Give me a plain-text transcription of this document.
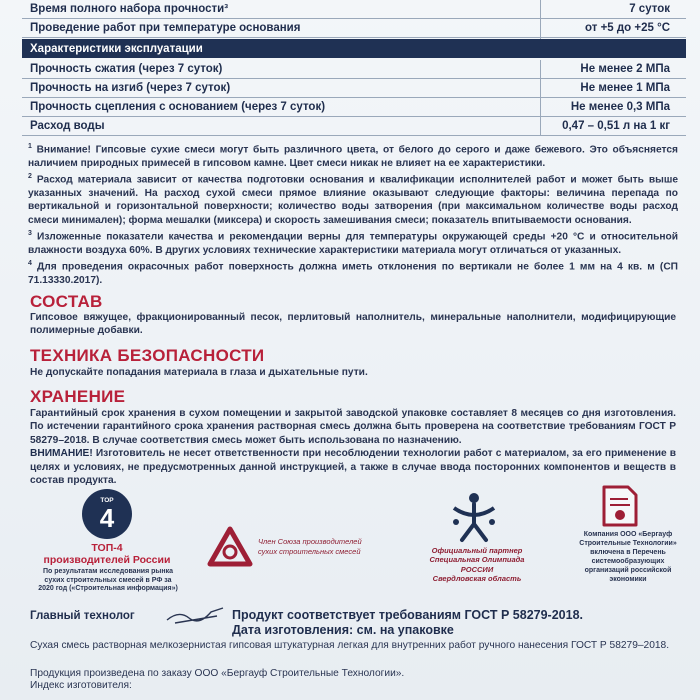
Время полного набора прочности³	7 суток
Проведение работ при температуре основания	от +5 до +25 °С
Характеристики эксплуатации
Прочность сжатия (через 7 суток)	Не менее 2 МПа
Прочность на изгиб (через 7 суток)	Не менее 1 МПа
Прочность сцепления с основанием (через 7 суток)	Не менее 0,3 МПа
Расход воды	0,47 – 0,51 л на 1 кг

$^1$ Внимание! Гипсовые сухие смеси могут быть различного цвета, от белого до серого и даже бежевого. Это объясняется наличием природных примесей в гипсовом камне. Цвет смеси никак не влияет на ее характеристики.

$^2$ Расход материала зависит от качества подготовки основания и квалификации исполнителей работ и может быть выше указанных значений. На расход сухой смеси прямое влияние оказывают следующие факторы: величина перепада по вертикальной и горизонтальной поверхности; количество воды затворения (при максимальном количестве воды расход смеси минимален); форма мешалки (миксера) и скорость замешивания смеси; показатель впитываемости основания.

$^3$ Изложенные показатели качества и рекомендации верны для температуры окружающей среды +20 °С и относительной влажности воздуха 60%. В других условиях технические характеристики материала могут отличаться от указанных.

$^4$ Для проведения окрасочных работ поверхность должна иметь отклонения по вертикали не более 1 мм на 4 кв. м (СП 71.13330.2017).

СОСТАВ
Гипсовое вяжущее, фракционированный песок, перлитовый наполнитель, минеральные наполнители, модифицирующие полимерные добавки.
ТЕХНИКА БЕЗОПАСНОСТИ
Не допускайте попадания материала в глаза и дыхательные пути.
ХРАНЕНИЕ
Гарантийный срок хранения в сухом помещении и закрытой заводской упаковке составляет 8 месяцев со дня изготовления. По истечении гарантийного срока хранения растворная смесь должна быть проверена на соответствие требованиям ГОСТ Р 58279–2018. В случае соответствия смесь может быть использована по назначению.
ВНИМАНИЕ! Изготовитель не несет ответственности при несоблюдении технологии работ с материалом, за его применение в целях и условиях, не предусмотренных данной инструкцией, а также в случае ввода посторонних компонентов и веществ в состав продукта.
TOP
4
ТОП-4
производителей России
По результатам исследования рынка сухих строительных смесей в РФ за 2020 год («Строительная информация»)
Член Союза производителей
сухих строительных смесей	Официальный партнер
Специальная Олимпиада
РОССИИ
Свердловская область
Компания ООО «Бергауф Строительные Технологии» включена в Перечень системообразующих организаций российской экономики
Главный технолог	Продукт соответствует требованиям ГОСТ Р 58279-2018.
Дата изготовления: см. на упаковке
Сухая смесь растворная мелкозернистая гипсовая штукатурная легкая для внутренних работ ручного нанесения ГОСТ Р 58279–2018.
Продукция произведена по заказу ООО «Бергауф Строительные Технологии».
Индекс изготовителя:
